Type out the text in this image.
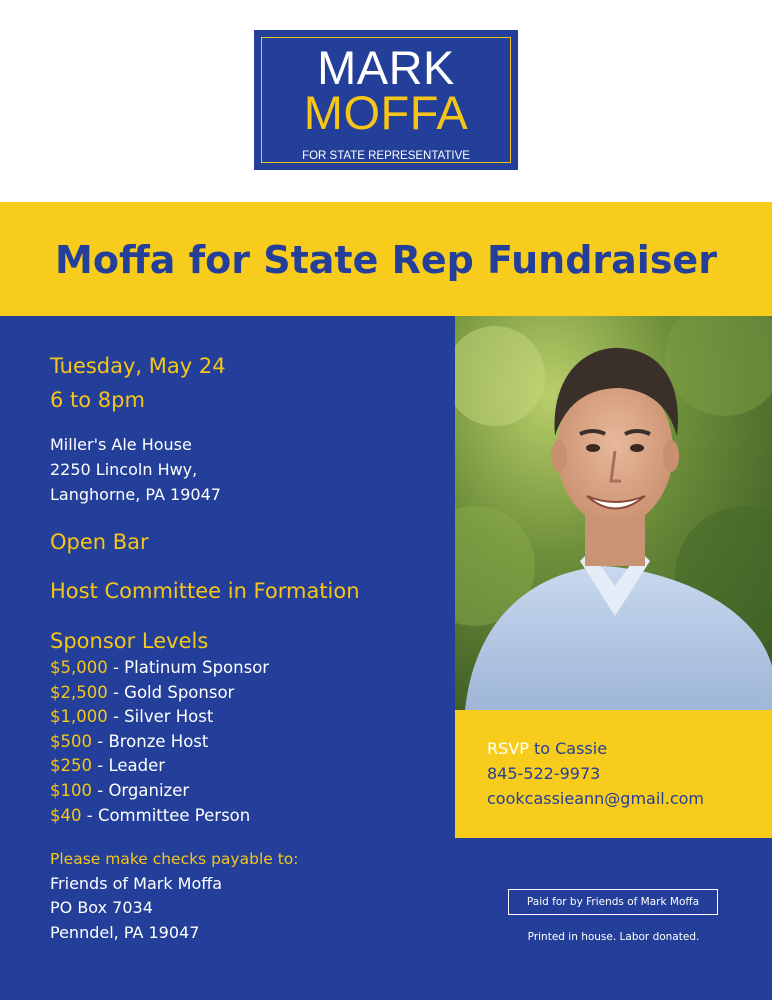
MARK
MOFFA
FOR STATE REPRESENTATIVE
Moffa for State Rep Fundraiser

Tuesday, May 24

6 to 8pm

Miller's Ale House

2250 Lincoln Hwy,

Langhorne, PA 19047

Open Bar

Host Committee in Formation

Sponsor Levels

$5,000 - Platinum Sponsor

$2,500 - Gold Sponsor

$1,000 - Silver Host

$500 - Bronze Host

$250 - Leader

$100 - Organizer

$40 - Committee Person

Please make checks payable to:

Friends of Mark Moffa

PO Box 7034

Penndel, PA 19047

RSVP to Cassie
845-522-9973
cookcassieann@gmail.com
Paid for by Friends of Mark Moffa
Printed in house. Labor donated.
